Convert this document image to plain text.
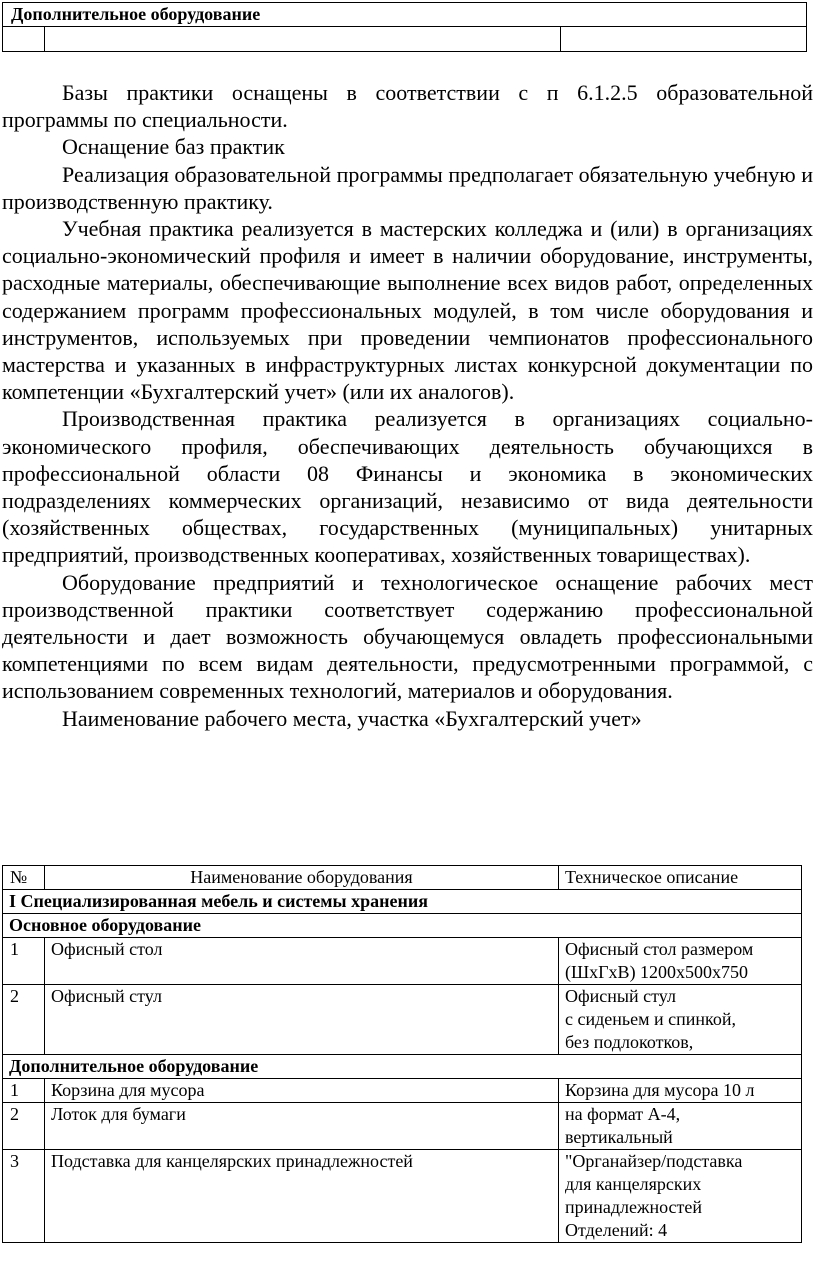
Дополнительное оборудование

Базы практики оснащены в соответствии с п 6.1.2.5 образовательной программы по специальности.

Оснащение баз практик

Реализация образовательной программы предполагает обязательную учебную и производственную практику.

Учебная практика реализуется в мастерских колледжа и (или) в организациях социально-экономический профиля и имеет в наличии оборудование, инструменты, расходные материалы, обеспечивающие выполнение всех видов работ, определенных содержанием программ профессиональных модулей, в том числе оборудования и инструментов, используемых при проведении чемпионатов профессионального мастерства и указанных в инфраструктурных листах конкурсной документации по компетенции «Бухгалтерский учет» (или их аналогов).

Производственная практика реализуется в организациях социально-экономического профиля, обеспечивающих деятельность обучающихся в профессиональной области 08 Финансы и экономика в экономических подразделениях коммерческих организаций, независимо от вида деятельности (хозяйственных обществах, государственных (муниципальных) унитарных предприятий, производственных кооперативах, хозяйственных товариществах).

Оборудование предприятий и технологическое оснащение рабочих мест производственной практики соответствует содержанию профессиональной деятельности и дает возможность обучающемуся овладеть профессиональными компетенциями по всем видам деятельности, предусмотренными программой, с использованием современных технологий, материалов и оборудования.

Наименование рабочего места, участка «Бухгалтерский учет»

№	Наименование оборудования	Техническое описание
I Специализированная мебель и системы хранения		
Основное оборудование		
1	Офисный стол	Офисный стол размером
(ШхГхВ) 1200х500х750
2	Офисный стул	Офисный стул
с сиденьем и спинкой,
без подлокотков,
Дополнительное оборудование		
1	Корзина для мусора	Корзина для мусора 10 л
2	Лоток для бумаги	на формат А-4,
вертикальный
3	Подставка для канцелярских принадлежностей	"Органайзер/подставка
для канцелярских
принадлежностей
Отделений: 4
